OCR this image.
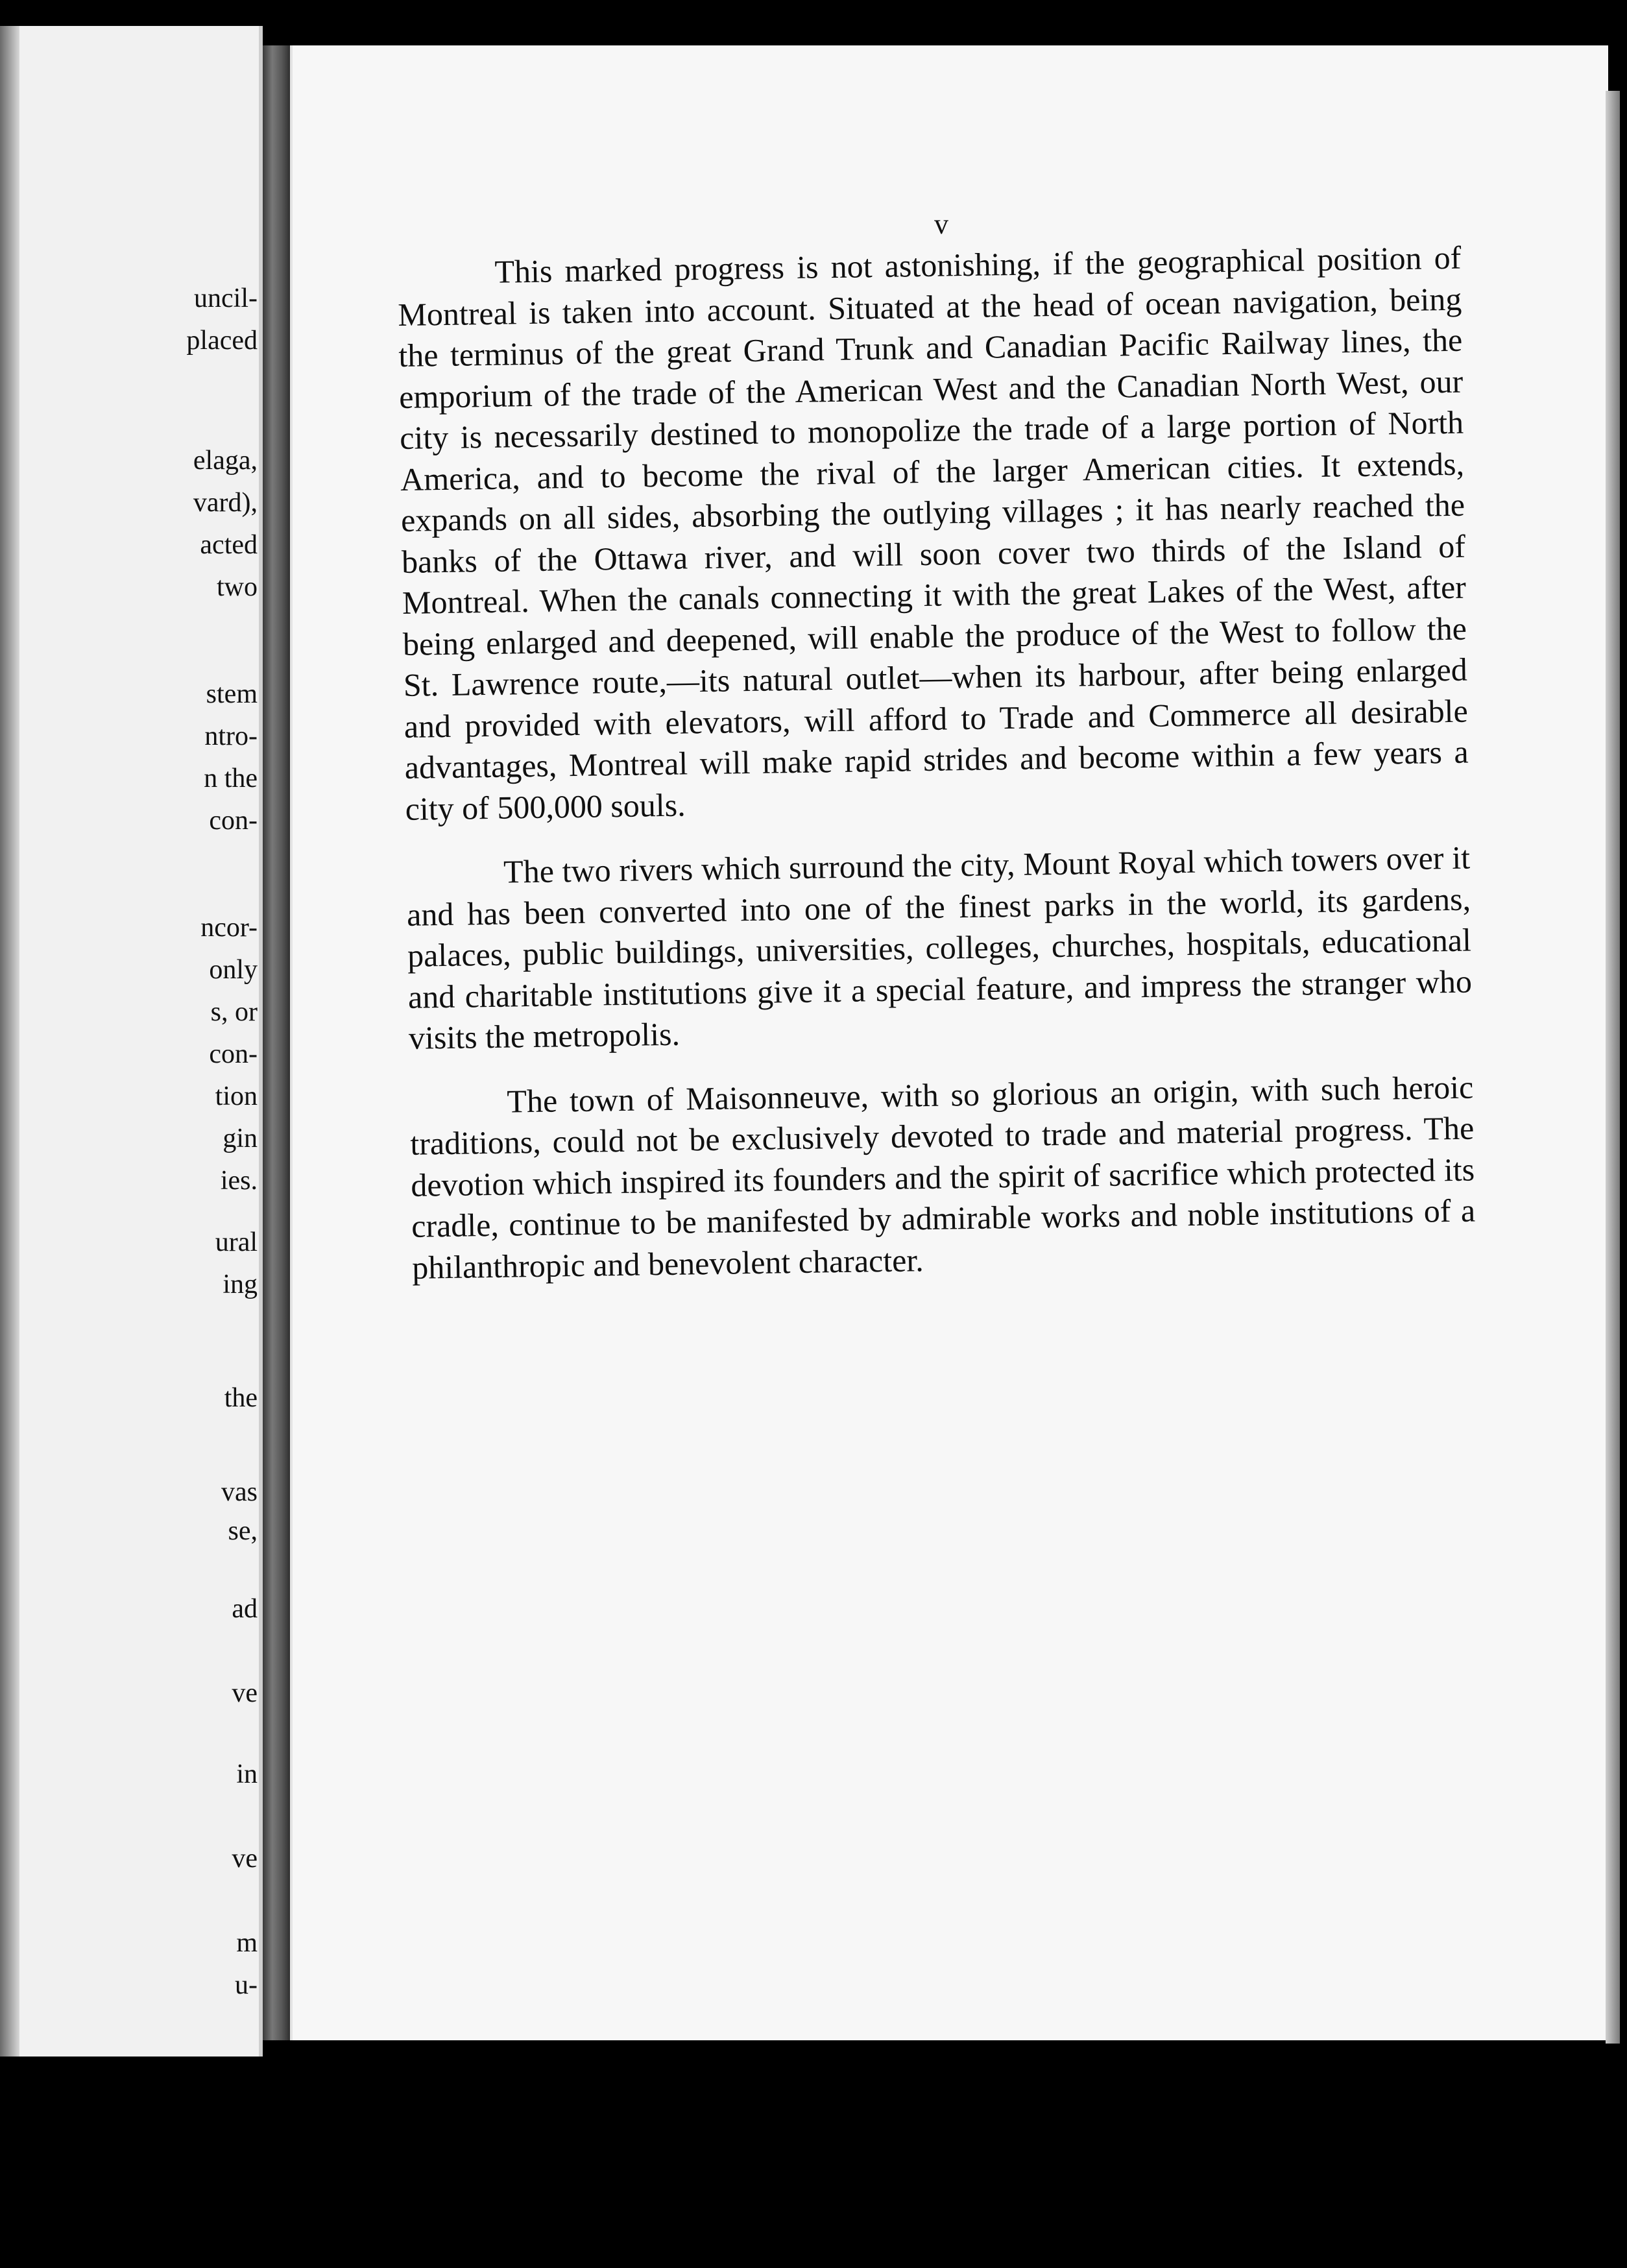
uncil-

placed

elaga,

vard),

acted

two

stem

ntro-

n the

con-

ncor-

only

s, or

con-

tion

gin

ies.

ural

ing

the

vas

se,

ad

ve

in

ve

m

u-

v

This marked progress is not astonishing, if the geographical position of Montreal is taken into account. Situated at the head of ocean navigation, being the terminus of the great Grand Trunk and Canadian Pacific Railway lines, the emporium of the trade of the American West and the Canadian North West, our city is necessarily destined to monopolize the trade of a large portion of North America, and to become the rival of the larger American cities. It extends, expands on all sides, absorbing the outlying villages ; it has nearly reached the banks of the Ottawa river, and will soon cover two thirds of the Island of Montreal. When the canals connecting it with the great Lakes of the West, after being enlarged and deepened, will enable the produce of the West to follow the St. Lawrence route,—its natural outlet—when its harbour, after being enlarged and provided with elevators, will afford to Trade and Commerce all desirable advantages, Montreal will make rapid strides and become within a few years a city of 500,000 souls.

The two rivers which surround the city, Mount Royal which towers over it and has been converted into one of the finest parks in the world, its gardens, palaces, public buildings, universities, colleges, churches, hospitals, educational and charitable institutions give it a special feature, and impress the stranger who visits the metropolis.

The town of Maisonneuve, with so glorious an origin, with such heroic traditions, could not be exclusively devoted to trade and material progress. The devotion which inspired its founders and the spirit of sacrifice which protected its cradle, continue to be manifested by admirable works and noble institutions of a philanthropic and benevolent character.
